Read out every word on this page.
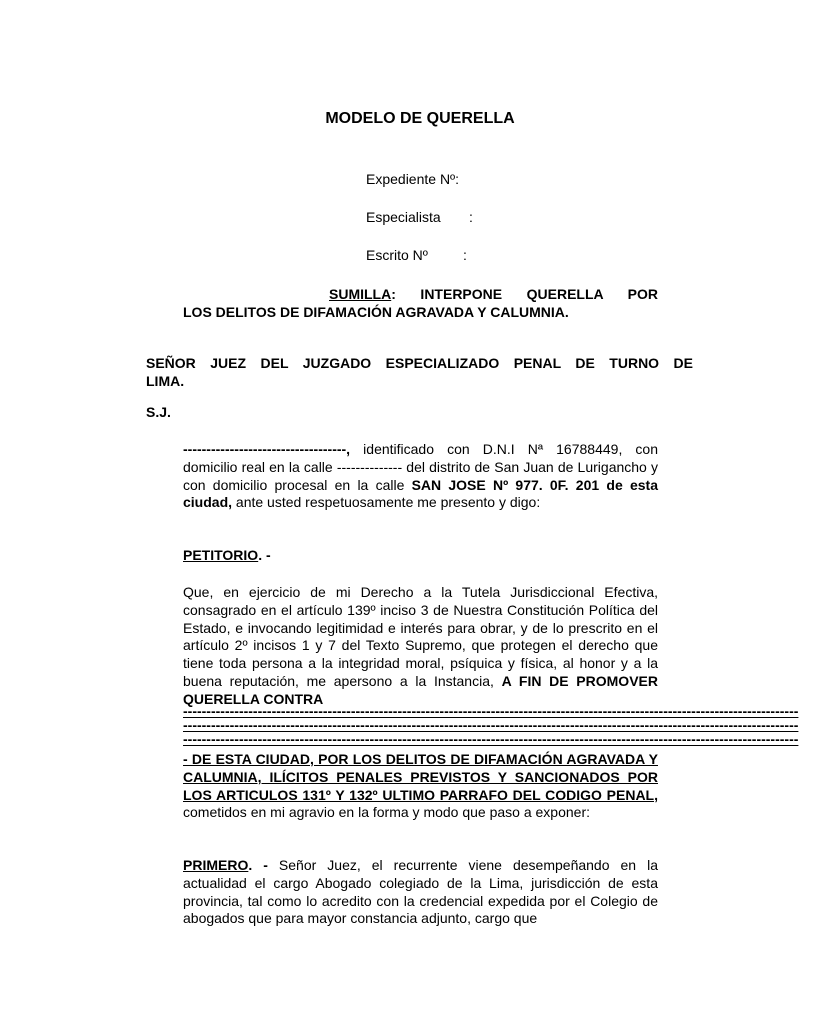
MODELO DE QUERELLA
Expediente Nº:
Especialista :
Escrito Nº	:
SUMILLA: INTERPONE QUERELLA POR
LOS DELITOS DE DIFAMACIÓN AGRAVADA Y CALUMNIA.
SEÑOR JUEZ DEL JUZGADO ESPECIALIZADO PENAL DE TURNO DE
LIMA.
S.J.
-----------------------------------, identificado con D.N.I Nª 16788449, con domicilio real en la calle -------------- del distrito de San Juan de Lurigancho y con domicilio procesal en la calle SAN JOSE Nº 977. 0F. 201 de esta ciudad, ante usted respetuosamente me presento y digo:
PETITORIO. -
Que, en ejercicio de mi Derecho a la Tutela Jurisdiccional Efectiva, consagrado en el artículo 139º inciso 3 de Nuestra Constitución Política del Estado, e invocando legitimidad e interés para obrar, y de lo prescrito en el artículo 2º incisos 1 y 7 del Texto Supremo, que protegen el derecho que tiene toda persona a la integridad moral, psíquica y física, al honor y a la buena reputación, me apersono a la Instancia, A FIN DE PROMOVER QUERELLA CONTRA
------------------------------------------------------------------------------------------------------------------------------------
------------------------------------------------------------------------------------------------------------------------------------
------------------------------------------------------------------------------------------------------------------------------------
- DE ESTA CIUDAD, POR LOS DELITOS DE DIFAMACIÓN AGRAVADA Y CALUMNIA, ILÍCITOS PENALES PREVISTOS Y SANCIONADOS POR LOS ARTICULOS 131º Y 132º ULTIMO PARRAFO DEL CODIGO PENAL, cometidos en mi agravio en la forma y modo que paso a exponer:
PRIMERO. - Señor Juez, el recurrente viene desempeñando en la actualidad el cargo Abogado colegiado de la Lima, jurisdicción de esta provincia, tal como lo acredito con la credencial expedida por el Colegio de abogados que para mayor constancia adjunto, cargo que
